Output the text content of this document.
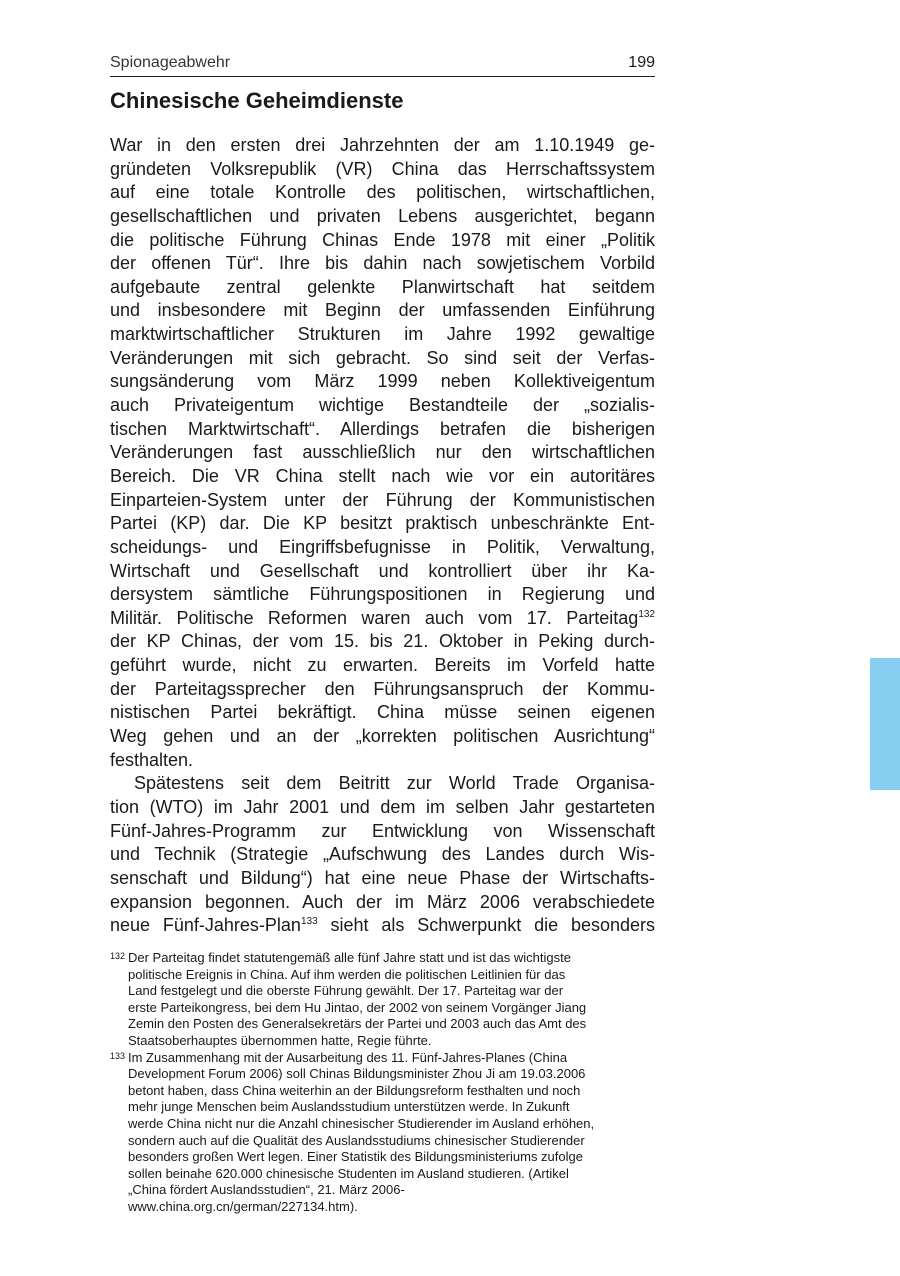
Spionageabwehr	199
Chinesische Geheimdienste
War in den ersten drei Jahrzehnten der am 1.10.1949 ge-
gründeten Volksrepublik (VR) China das Herrschaftssystem
auf eine totale Kontrolle des politischen, wirtschaftlichen,
gesellschaftlichen und privaten Lebens ausgerichtet, begann
die politische Führung Chinas Ende 1978 mit einer „Politik
der offenen Tür“. Ihre bis dahin nach sowjetischem Vorbild
aufgebaute zentral gelenkte Planwirtschaft hat seitdem
und insbesondere mit Beginn der umfassenden Einführung
marktwirtschaftlicher Strukturen im Jahre 1992 gewaltige
Veränderungen mit sich gebracht. So sind seit der Verfas-
sungsänderung vom März 1999 neben Kollektiveigentum
auch Privateigentum wichtige Bestandteile der „sozialis-
tischen Marktwirtschaft“. Allerdings betrafen die bisherigen
Veränderungen fast ausschließlich nur den wirtschaftlichen
Bereich. Die VR China stellt nach wie vor ein autoritäres
Einparteien-System unter der Führung der Kommunistischen
Partei (KP) dar. Die KP besitzt praktisch unbeschränkte Ent-
scheidungs- und Eingriffsbefugnisse in Politik, Verwaltung,
Wirtschaft und Gesellschaft und kontrolliert über ihr Ka-
dersystem sämtliche Führungspositionen in Regierung und
Militär. Politische Reformen waren auch vom 17. Parteitag$^{132}$
der KP Chinas, der vom 15. bis 21. Oktober in Peking durch-
geführt wurde, nicht zu erwarten. Bereits im Vorfeld hatte
der Parteitagssprecher den Führungsanspruch der Kommu-
nistischen Partei bekräftigt. China müsse seinen eigenen
Weg gehen und an der „korrekten politischen Ausrichtung“
festhalten.
Spätestens seit dem Beitritt zur World Trade Organisa-
tion (WTO) im Jahr 2001 und dem im selben Jahr gestarteten
Fünf-Jahres-Programm zur Entwicklung von Wissenschaft
und Technik (Strategie „Aufschwung des Landes durch Wis-
senschaft und Bildung“) hat eine neue Phase der Wirtschafts-
expansion begonnen. Auch der im März 2006 verabschiedete
neue Fünf-Jahres-Plan$^{133}$ sieht als Schwerpunkt die besonders
132 Der Parteitag findet statutengemäß alle fünf Jahre statt und ist das wichtigste
politische Ereignis in China. Auf ihm werden die politischen Leitlinien für das
Land festgelegt und die oberste Führung gewählt. Der 17. Parteitag war der
erste Parteikongress, bei dem Hu Jintao, der 2002 von seinem Vorgänger Jiang
Zemin den Posten des Generalsekretärs der Partei und 2003 auch das Amt des
Staatsoberhauptes übernommen hatte, Regie führte.
133 Im Zusammenhang mit der Ausarbeitung des 11. Fünf-Jahres-Planes (China
Development Forum 2006) soll Chinas Bildungsminister Zhou Ji am 19.03.2006
betont haben, dass China weiterhin an der Bildungsreform festhalten und noch
mehr junge Menschen beim Auslandsstudium unterstützen werde. In Zukunft
werde China nicht nur die Anzahl chinesischer Studierender im Ausland erhöhen,
sondern auch auf die Qualität des Auslandsstudiums chinesischer Studierender
besonders großen Wert legen. Einer Statistik des Bildungsministeriums zufolge
sollen beinahe 620.000 chinesische Studenten im Ausland studieren. (Artikel
„China fördert Auslandsstudien“, 21. März 2006-
www.china.org.cn/german/227134.htm).
